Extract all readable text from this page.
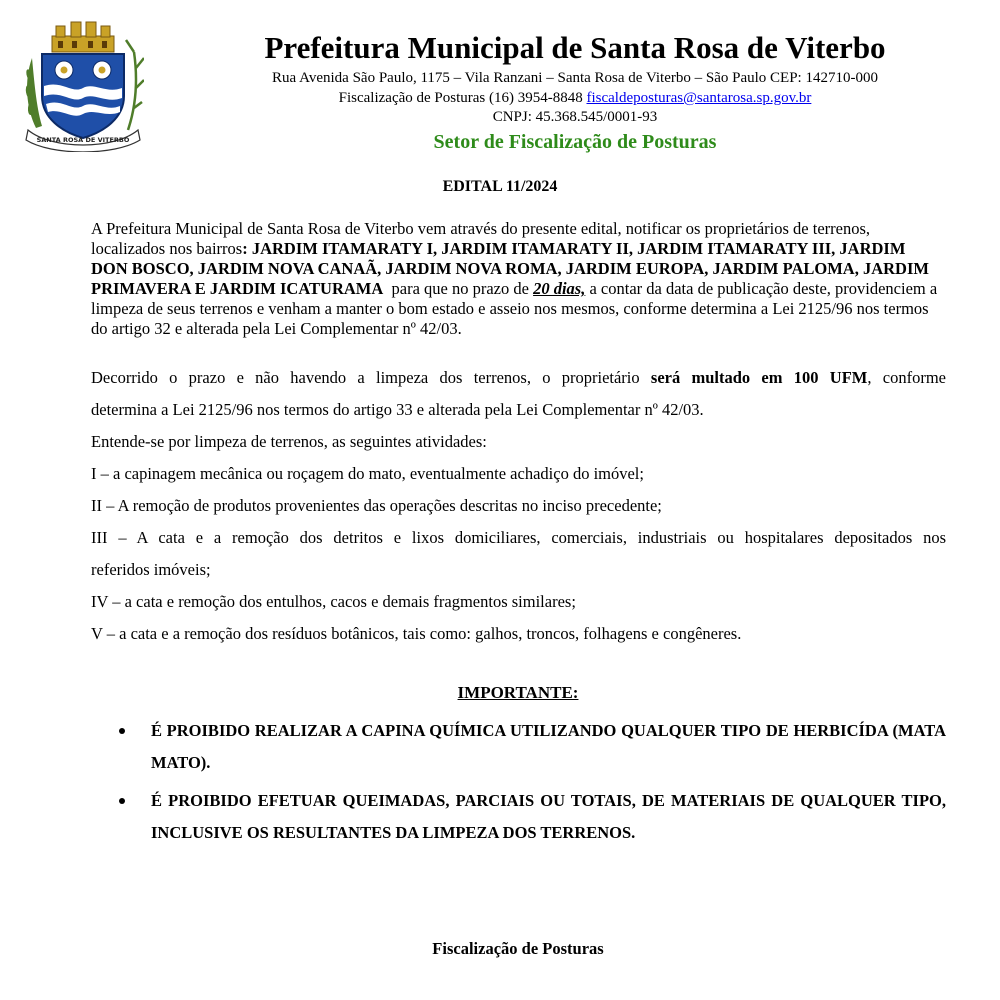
SANTA ROSA DE VITERBO
Prefeitura Municipal de Santa Rosa de Viterbo
Rua Avenida São Paulo, 1175 – Vila Ranzani – Santa Rosa de Viterbo – São Paulo CEP: 142710-000
Fiscalização de Posturas (16) 3954-8848 fiscaldeposturas@santarosa.sp.gov.br
CNPJ: 45.368.545/0001-93
Setor de Fiscalização de Posturas
EDITAL 11/2024
A Prefeitura Municipal de Santa Rosa de Viterbo vem através do presente edital, notificar os proprietários de terrenos, localizados nos bairros: JARDIM ITAMARATY I, JARDIM ITAMARATY II, JARDIM ITAMARATY III, JARDIM DON BOSCO, JARDIM NOVA CANAÃ, JARDIM NOVA ROMA, JARDIM EUROPA, JARDIM PALOMA, JARDIM PRIMAVERA E JARDIM ICATURAMA  para que no prazo de 20 dias, a contar da data de publicação deste, providenciem a limpeza de seus terrenos e venham a manter o bom estado e asseio nos mesmos, conforme determina a Lei 2125/96 nos termos do artigo 32 e alterada pela Lei Complementar nº 42/03.
Decorrido o prazo e não havendo a limpeza dos terrenos, o proprietário será multado em 100 UFM, conforme
determina a Lei 2125/96 nos termos do artigo 33 e alterada pela Lei Complementar nº 42/03.
Entende-se por limpeza de terrenos, as seguintes atividades:
I – a capinagem mecânica ou roçagem do mato, eventualmente achadiço do imóvel;
II – A remoção de produtos provenientes das operações descritas no inciso precedente;
III – A cata e a remoção dos detritos e lixos domiciliares, comerciais, industriais ou hospitalares depositados nos
referidos imóveis;
IV – a cata e remoção dos entulhos, cacos e demais fragmentos similares;
V – a cata e a remoção dos resíduos botânicos, tais como: galhos, troncos, folhagens e congêneres.
IMPORTANTE:
É PROIBIDO REALIZAR A CAPINA QUÍMICA UTILIZANDO QUALQUER TIPO DE HERBICÍDA (MATA MATO).
É PROIBIDO EFETUAR QUEIMADAS, PARCIAIS OU TOTAIS, DE MATERIAIS DE QUALQUER TIPO, INCLUSIVE OS RESULTANTES DA LIMPEZA DOS TERRENOS.
Fiscalização de Posturas
